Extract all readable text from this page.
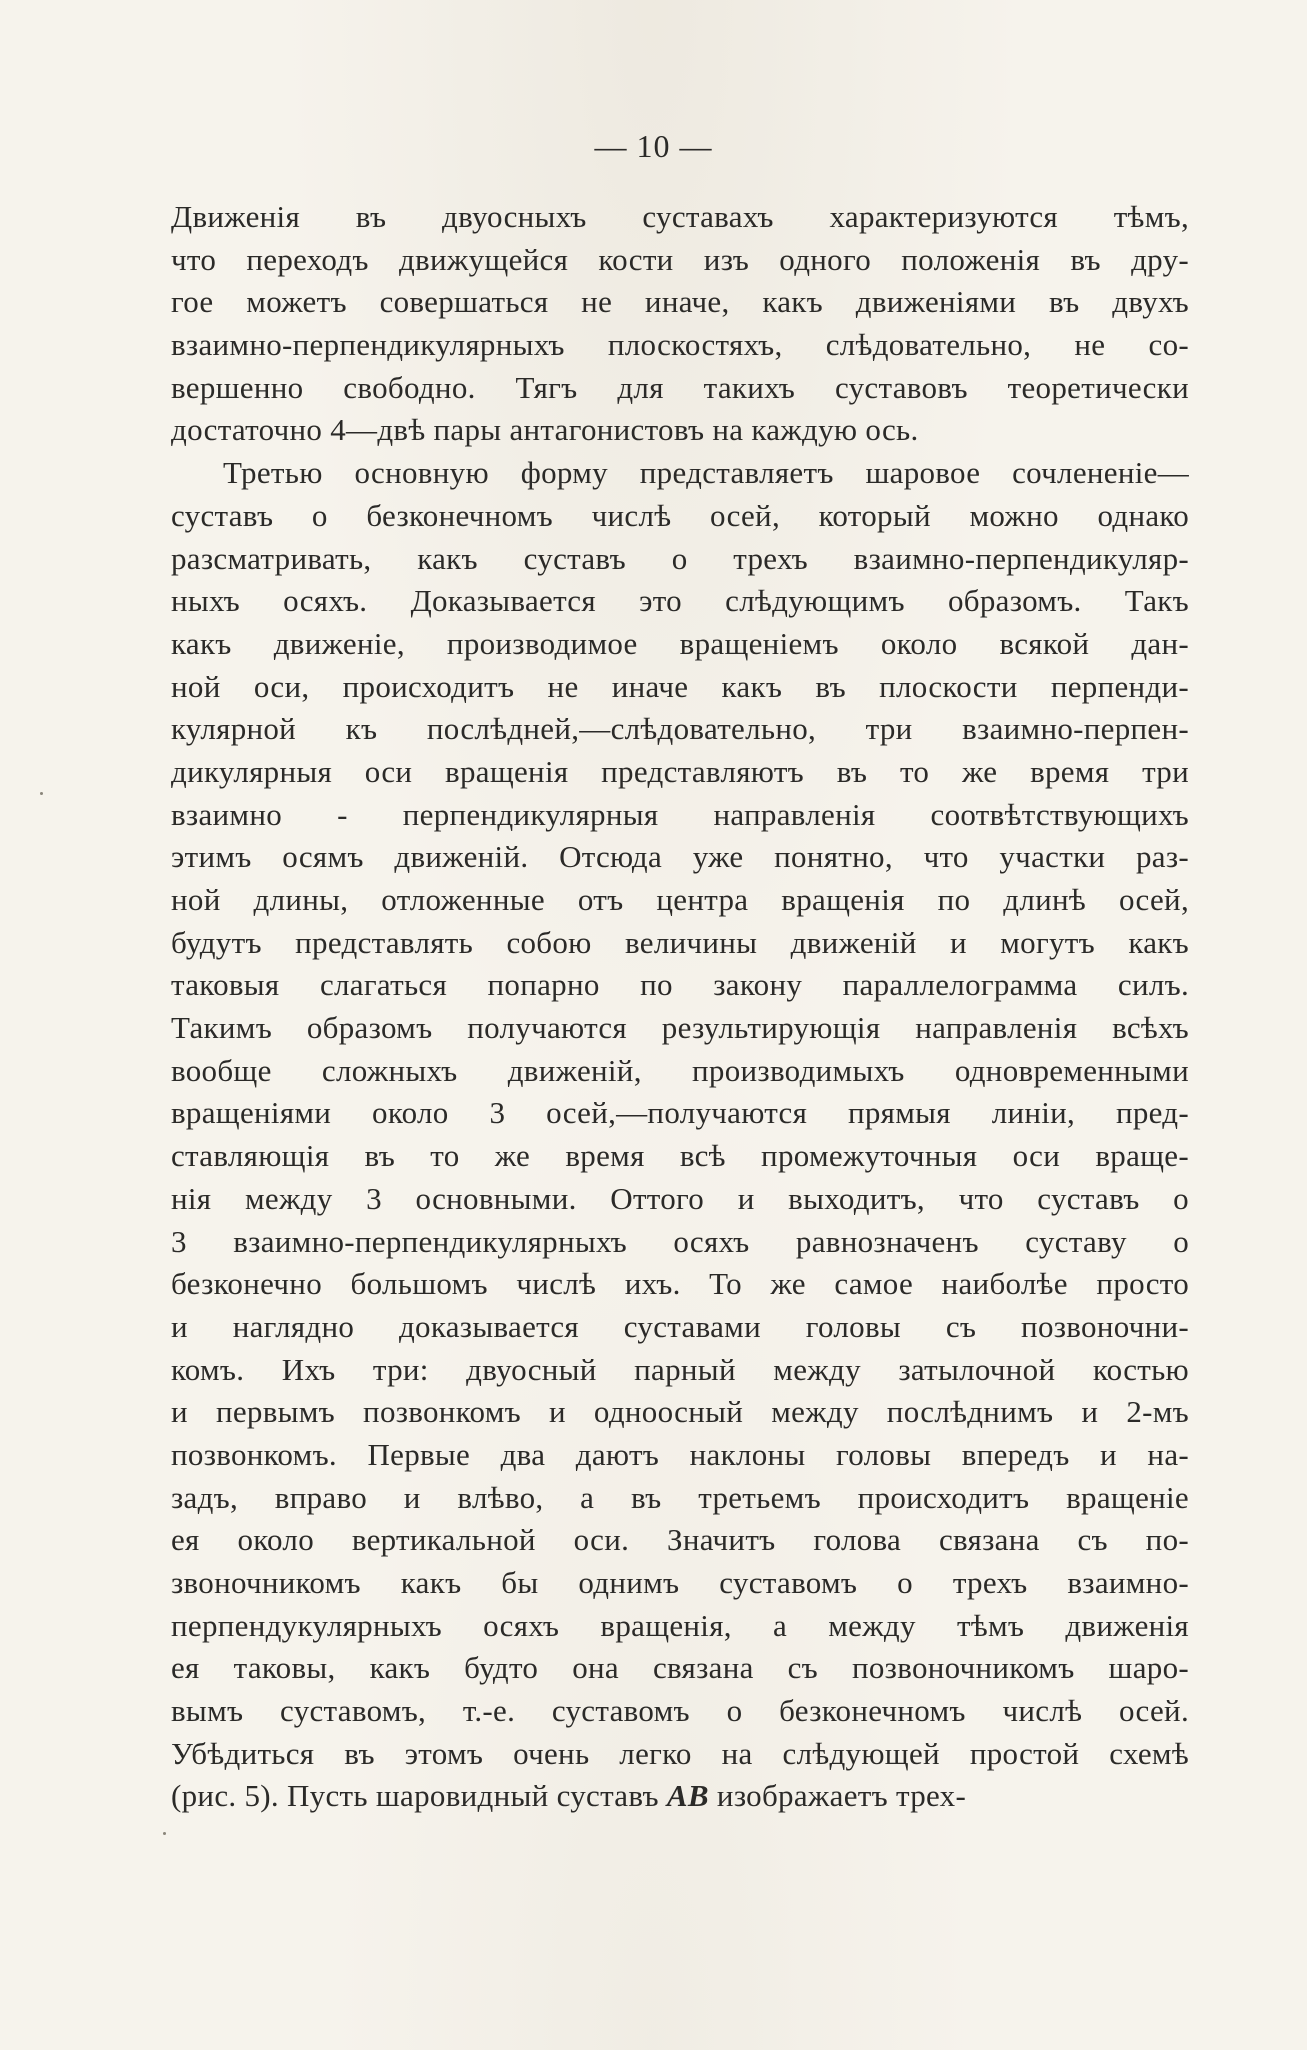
— 10 —
Движенія въ двуосныхъ суставахъ характеризуются тѣмъ,
что переходъ движущейся кости изъ одного положенія въ дру-
гое можетъ совершаться не иначе, какъ движеніями въ двухъ
взаимно-перпендикулярныхъ плоскостяхъ, слѣдовательно, не со-
вершенно свободно. Тягъ для такихъ суставовъ теоретически
достаточно 4—двѣ пары антагонистовъ на каждую ось.
Третью основную форму представляетъ шаровое сочлененіе—
суставъ о безконечномъ числѣ осей, который можно однако
разсматривать, какъ суставъ о трехъ взаимно-перпендикуляр-
ныхъ осяхъ. Доказывается это слѣдующимъ образомъ. Такъ
какъ движеніе, производимое вращеніемъ около всякой дан-
ной оси, происходитъ не иначе какъ въ плоскости перпенди-
кулярной къ послѣдней,—слѣдовательно, три взаимно-перпен-
дикулярныя оси вращенія представляютъ въ то же время три
взаимно - перпендикулярныя направленія соотвѣтствующихъ
этимъ осямъ движеній. Отсюда уже понятно, что участки раз-
ной длины, отложенные отъ центра вращенія по длинѣ осей,
будутъ представлять собою величины движеній и могутъ какъ
таковыя слагаться попарно по закону параллелограмма силъ.
Такимъ образомъ получаются результирующія направленія всѣхъ
вообще сложныхъ движеній, производимыхъ одновременными
вращеніями около 3 осей,—получаются прямыя линіи, пред-
ставляющія въ то же время всѣ промежуточныя оси враще-
нія между 3 основными. Оттого и выходитъ, что суставъ о
3 взаимно-перпендикулярныхъ осяхъ равнозначенъ суставу о
безконечно большомъ числѣ ихъ. То же самое наиболѣе просто
и наглядно доказывается суставами головы съ позвоночни-
комъ. Ихъ три: двуосный парный между затылочной костью
и первымъ позвонкомъ и одноосный между послѣднимъ и 2-мъ
позвонкомъ. Первые два даютъ наклоны головы впередъ и на-
задъ, вправо и влѣво, а въ третьемъ происходитъ вращеніе
ея около вертикальной оси. Значитъ голова связана съ по-
звоночникомъ какъ бы однимъ суставомъ о трехъ взаимно-
перпендукулярныхъ осяхъ вращенія, а между тѣмъ движенія
ея таковы, какъ будто она связана съ позвоночникомъ шаро-
вымъ суставомъ, т.-е. суставомъ о безконечномъ числѣ осей.
Убѣдиться въ этомъ очень легко на слѣдующей простой схемѣ
(рис. 5). Пусть шаровидный суставъ AB изображаетъ трех-
